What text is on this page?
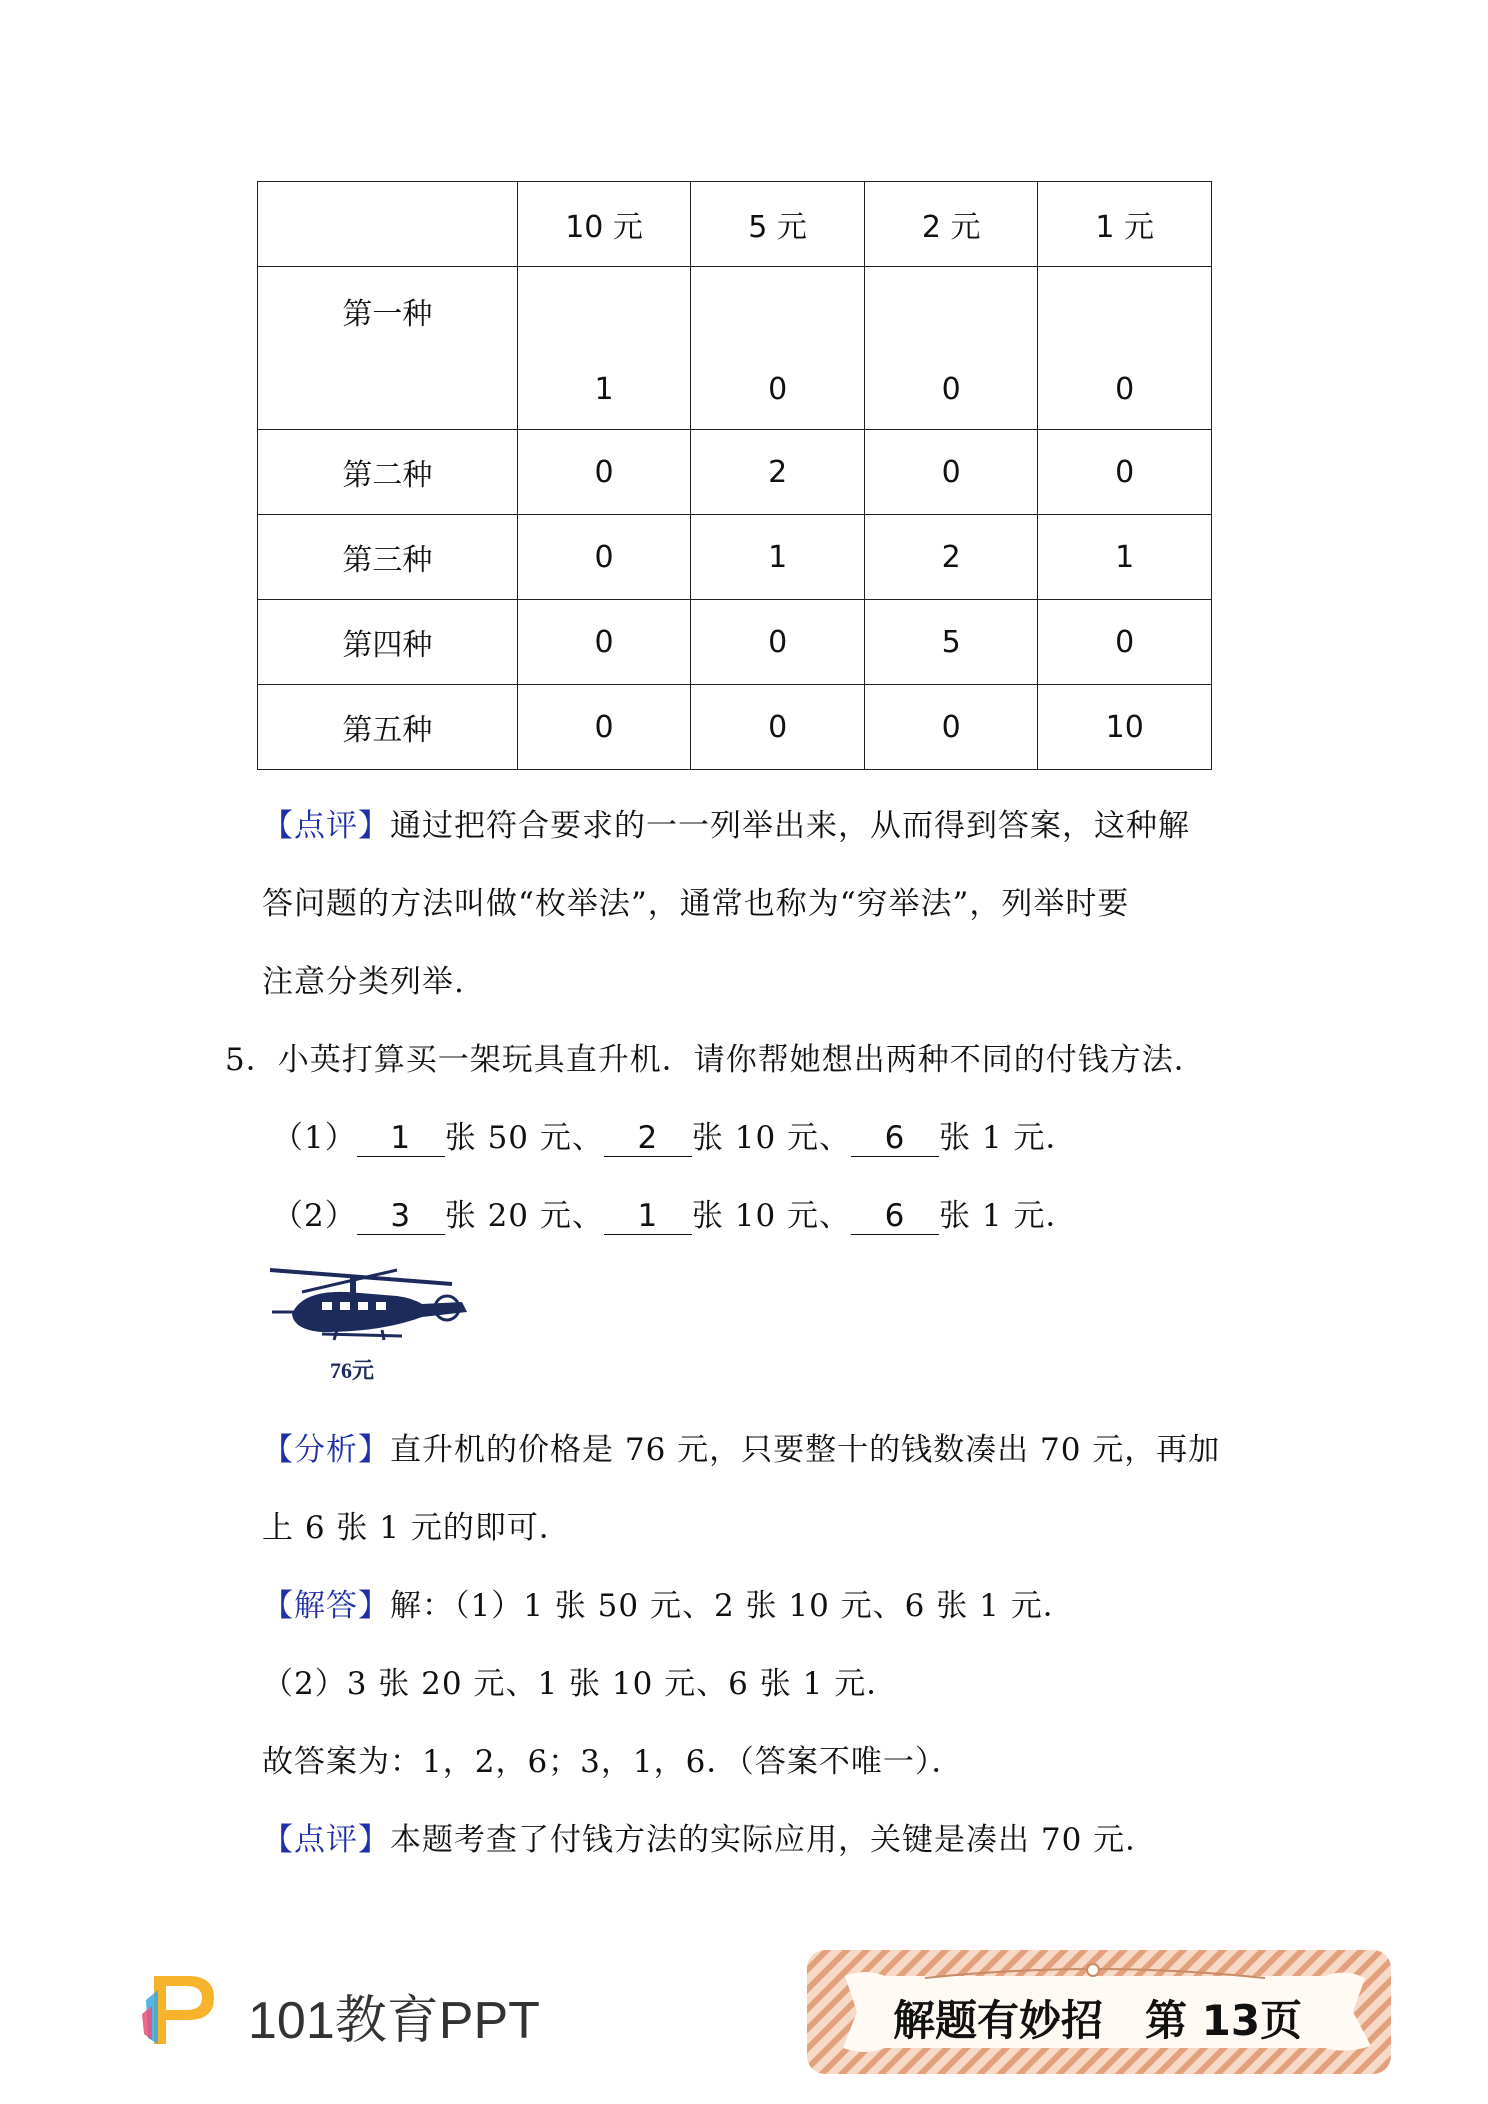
	10 元	5 元	2 元	1 元
第一种	1	0	0	0
第二种	0	2	0	0
第三种	0	1	2	1
第四种	0	0	5	0
第五种	0	0	0	10
【点评】通过把符合要求的一一列举出来，从而得到答案，这种解
答问题的方法叫做“枚举法”，通常也称为“穷举法”，列举时要
注意分类列举.
5．小英打算买一架玩具直升机．请你帮她想出两种不同的付钱方法．
（1） 1 张 50 元、 2 张 10 元、 6 张 1 元．
（2） 3 张 20 元、 1 张 10 元、 6 张 1 元．
76元
【分析】直升机的价格是 76 元，只要整十的钱数凑出 70 元，再加
上 6 张 1 元的即可．
【解答】解：（1）1 张 50 元、2 张 10 元、6 张 1 元．
（2）3 张 20 元、1 张 10 元、6 张 1 元．
故答案为：1，2，6；3，1，6．（答案不唯一）．
【点评】本题考查了付钱方法的实际应用，关键是凑出 70 元．
101教育PPT	解题有妙招　第 13页
